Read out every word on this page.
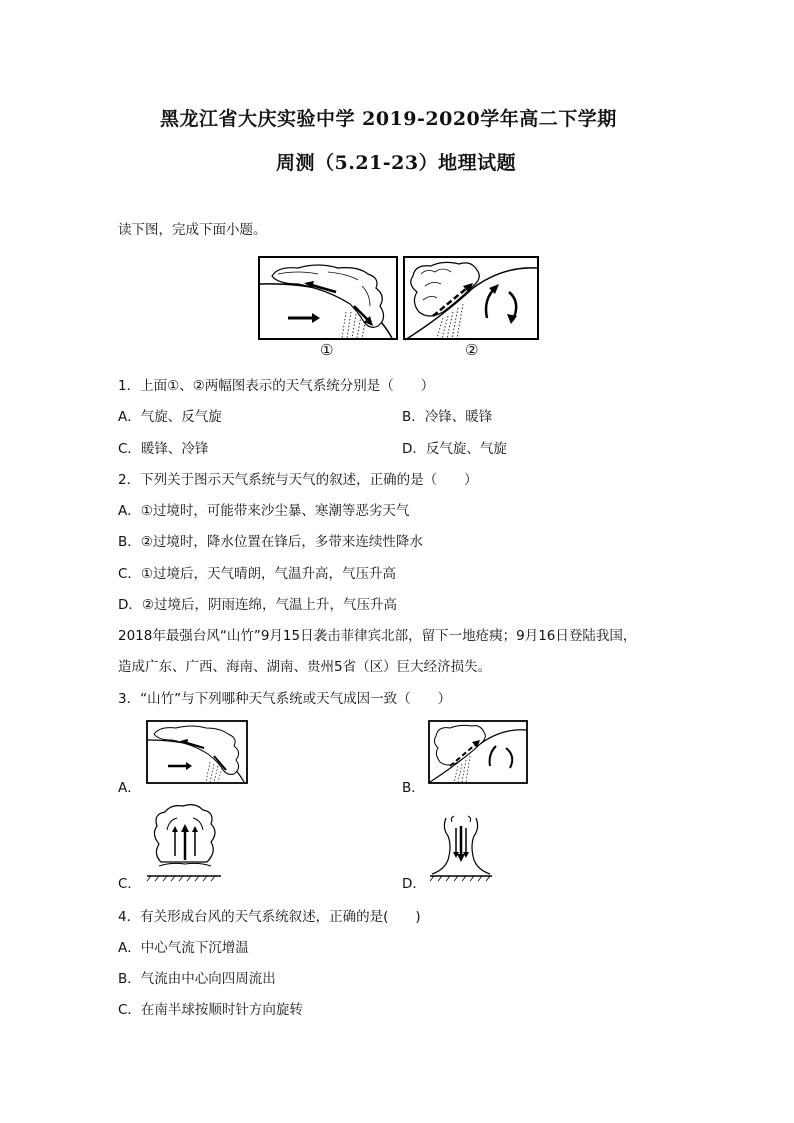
黑龙江省大庆实验中学 2019-2020学年高二下学期
周测（5.21-23）地理试题
读下图，完成下面小题。
①	②
1．上面①、②两幅图表示的天气系统分别是（　　）
A．气旋、反气旋	B．冷锋、暖锋
C．暖锋、冷锋	D．反气旋、气旋
2．下列关于图示天气系统与天气的叙述，正确的是（　　）
A．①过境时，可能带来沙尘暴、寒潮等恶劣天气
B．②过境时，降水位置在锋后，多带来连续性降水
C．①过境后，天气晴朗，气温升高，气压升高
D．②过境后，阴雨连绵，气温上升，气压升高
2018年最强台风“山竹”9月15日袭击菲律宾北部，留下一地疮痍；9月16日登陆我国，
造成广东、广西、海南、湖南、贵州5省（区）巨大经济损失。
3．“山竹”与下列哪种天气系统或天气成因一致（　　）
A．	B．
C．	D．
4．有关形成台风的天气系统叙述，正确的是(　　)
A．中心气流下沉增温
B．气流由中心向四周流出
C．在南半球按顺时针方向旋转
